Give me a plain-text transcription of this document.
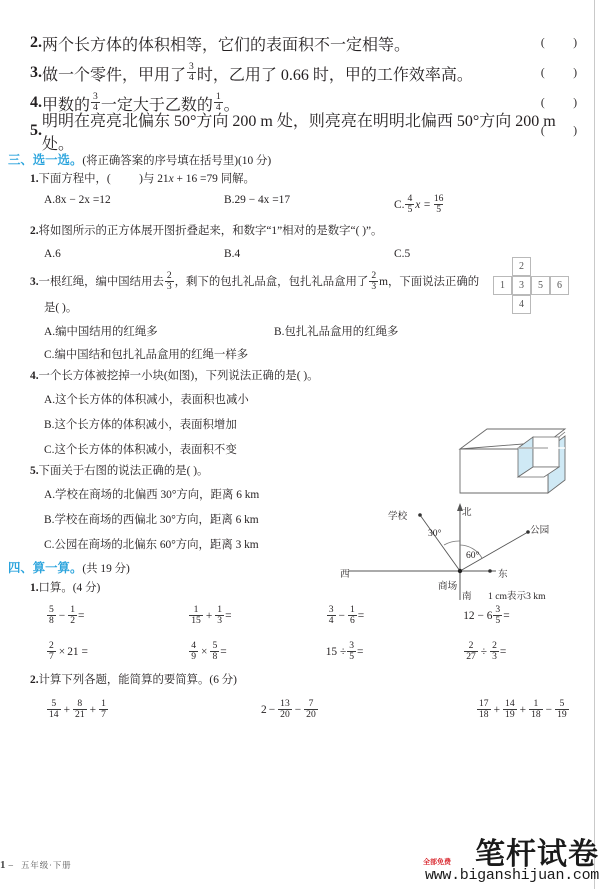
2. 两个长方体的体积相等，它们的表面积不一定相等。	(          )
3. 做一个零件，甲用了 $\frac{3}{4}$ 时，乙用了 0.66 时，甲的工作效率高。	(          )
4. 甲数的 $\frac{3}{4}$ 一定大于乙数的 $\frac{1}{4}$ 。	(          )
5.
明明在亮亮北偏东 50°方向 200 m 处，则亮亮在明明北偏西 50°方向 200 m 处。
(          )
三、选一选。(将正确答案的序号填在括号里)(10 分)
1.下面方程中，( )与 21x + 16 =79 同解。
A.8x − 2x =12	B.29 − 4x =17	C. $\frac{4}{5}$ $x = \frac{16}{5}$
2.将如图所示的正方体展开图折叠起来，和数字“1”相对的是数字“( )”。
A.6	B.4	C.5
3. 一根红绳，编中国结用去 $\frac{2}{3}$ ，剩下的包扎礼品盒，包扎礼品盒用了 $\frac{2}{3}$ m，下面说法正确的
是( )。
A.编中国结用的红绳多	B.包扎礼品盒用的红绳多
C.编中国结和包扎礼品盒用的红绳一样多
4.一个长方体被挖掉一小块(如图)，下列说法正确的是( )。
A.这个长方体的体积减小，表面积也减小
B.这个长方体的体积减小，表面积增加
C.这个长方体的体积减小，表面积不变
5.下面关于右图的说法正确的是( )。
A.学校在商场的北偏西 30°方向，距离 6 km
B.学校在商场的西偏北 30°方向，距离 6 km
C.公园在商场的北偏东 60°方向，距离 3 km
四、算一算。(共 19 分)
1.口算。(4 分)
$\frac{5}{8} - \frac{1}{2}$ =	$\frac{1}{15} + \frac{1}{3}$ =	$\frac{3}{4} - \frac{1}{6}$ =	$12 - 6 \frac{3}{5}$ =
$\frac{2}{7} \times 21$ =	$\frac{4}{9} \times \frac{5}{8}$ =	$15 \div \frac{3}{5}$ =	$\frac{2}{27} \div \frac{2}{3}$ =
2.计算下列各题，能简算的要简算。(6 分)
$\frac{5}{14} + \frac{8}{21} + \frac{1}{7}$	$2 - \frac{13}{20} - \frac{7}{20}$	$\frac{17}{18} + \frac{14}{19} + \frac{1}{18} - \frac{5}{19}$
2
1	3	5	6
4
北
南
东
西
学校
公园
商场
30°
60°
1 cm表示3 km
1 – 五年级·下册	笔杆试卷
www.biganshijuan.com
全部免费
